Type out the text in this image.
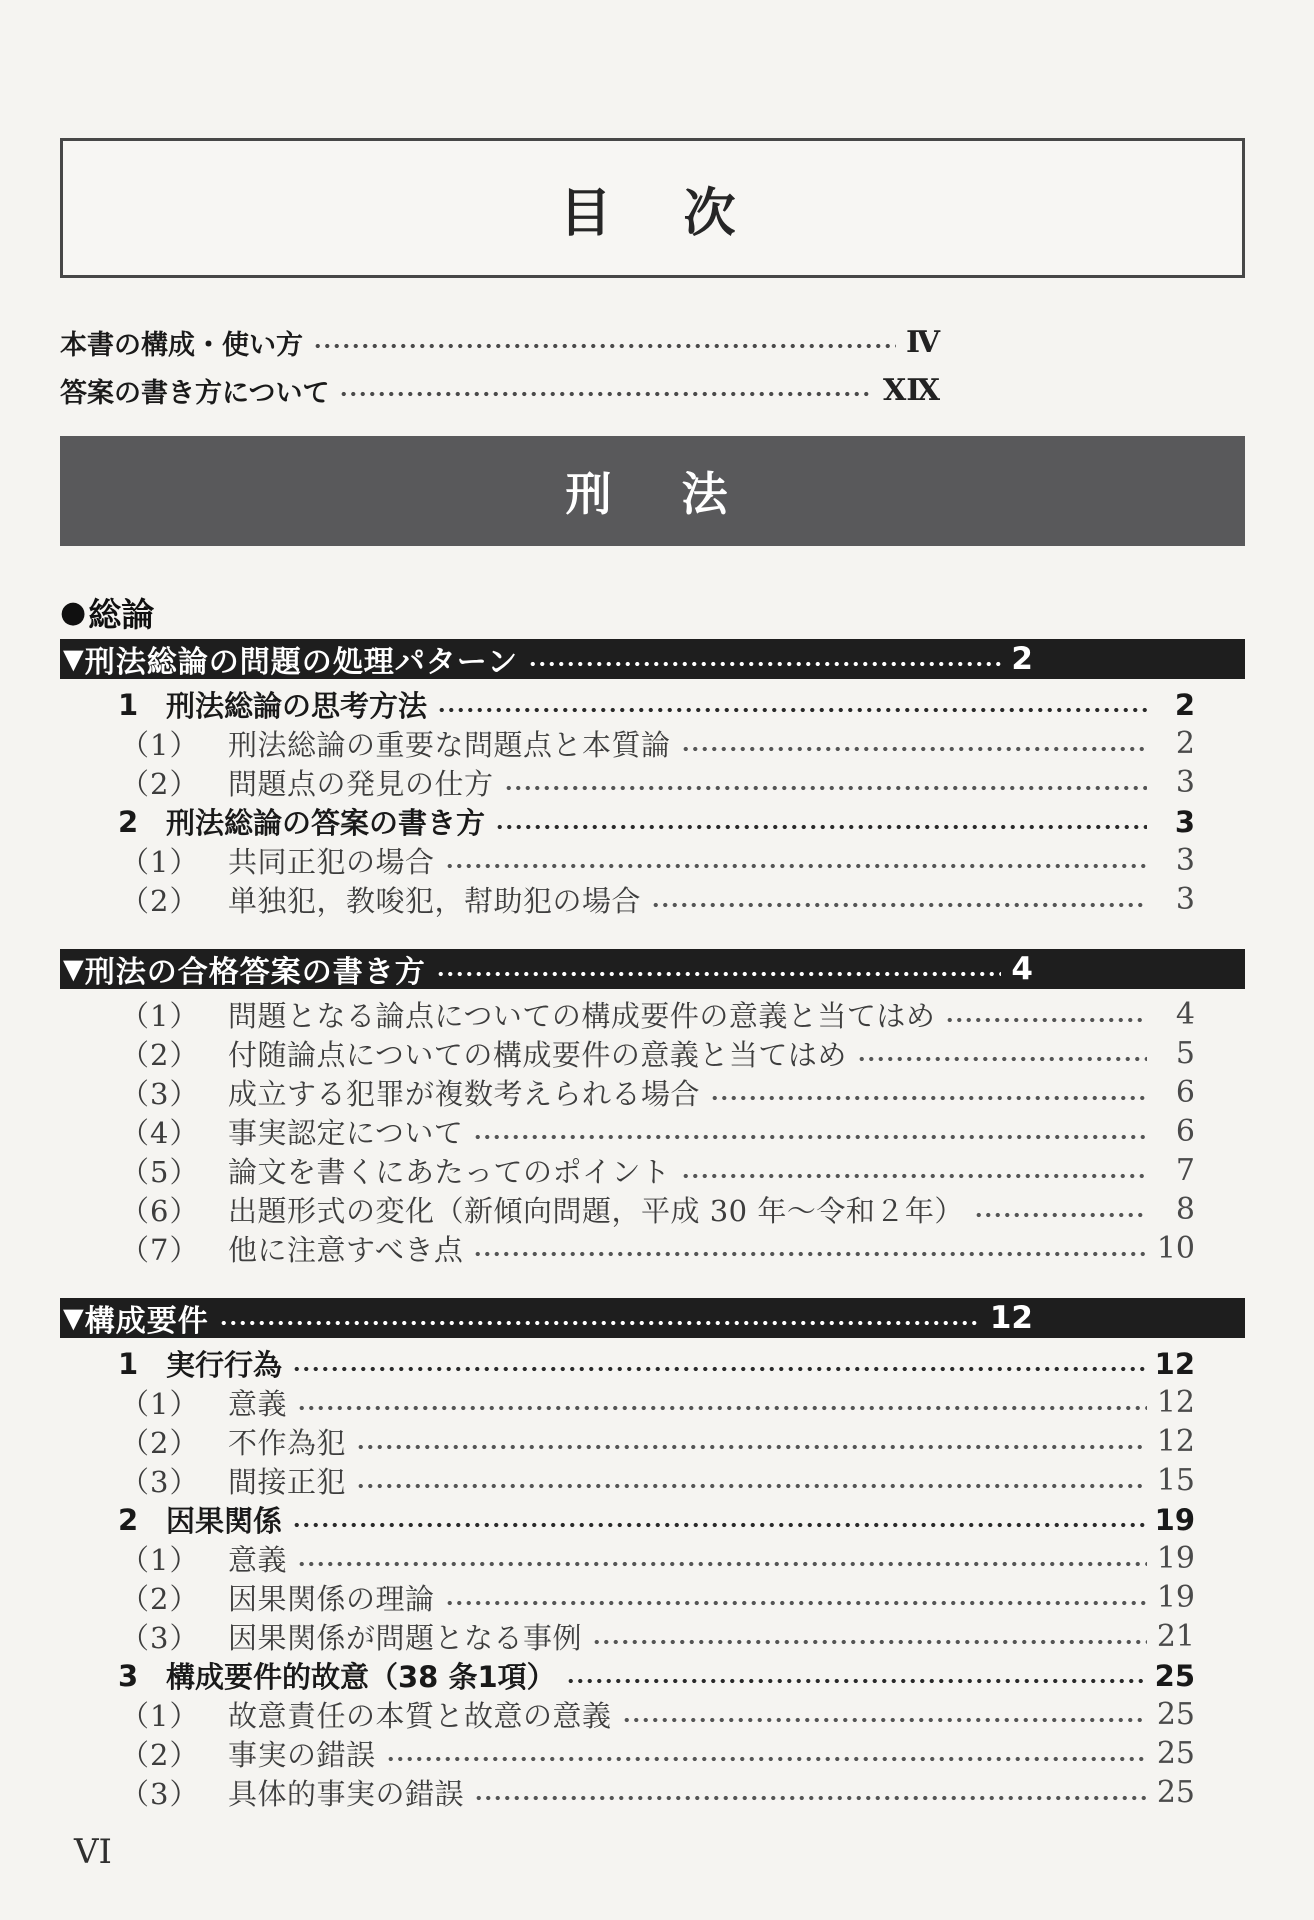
目　次
本書の構成・使い方	Ⅳ
答案の書き方について	ⅩⅨ
刑　法
● 総論
▼ 刑法総論の問題の処理パターン	2
1 刑法総論の思考方法	2
（1） 刑法総論の重要な問題点と本質論	2
（2） 問題点の発見の仕方	3
2 刑法総論の答案の書き方	3
（1） 共同正犯の場合	3
（2） 単独犯，教唆犯，幇助犯の場合	3
▼ 刑法の合格答案の書き方	4
（1） 問題となる論点についての構成要件の意義と当てはめ	4
（2） 付随論点についての構成要件の意義と当てはめ	5
（3） 成立する犯罪が複数考えられる場合	6
（4） 事実認定について	6
（5） 論文を書くにあたってのポイント	7
（6） 出題形式の変化（新傾向問題，平成 30 年～令和２年）	8
（7） 他に注意すべき点	10
▼ 構成要件	12
1 実行行為	12
（1） 意義	12
（2） 不作為犯	12
（3） 間接正犯	15
2 因果関係	19
（1） 意義	19
（2） 因果関係の理論	19
（3） 因果関係が問題となる事例	21
3 構成要件的故意（38 条1項）	25
（1） 故意責任の本質と故意の意義	25
（2） 事実の錯誤	25
（3） 具体的事実の錯誤	25
VI
